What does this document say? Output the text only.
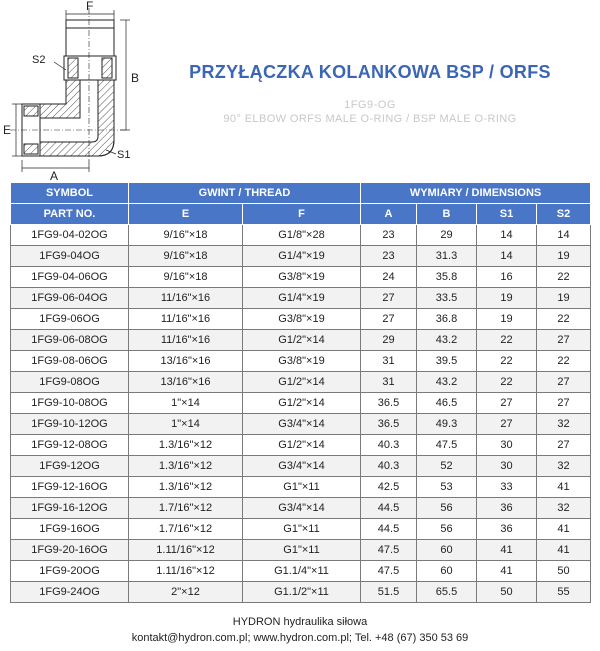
F
B
S2
E
A
S1
PRZYŁĄCZKA KOLANKOWA BSP / ORFS
1FG9-OG
90° ELBOW ORFS MALE O-RING / BSP MALE O-RING
SYMBOL	GWINT / THREAD		WYMIARY / DIMENSIONS			
PART NO.	E	F	A	B	S1	S2
1FG9-04-02OG	9/16"×18	G1/8"×28	23	29	14	14
1FG9-04OG	9/16"×18	G1/4"×19	23	31.3	14	19
1FG9-04-06OG	9/16"×18	G3/8"×19	24	35.8	16	22
1FG9-06-04OG	11/16"×16	G1/4"×19	27	33.5	19	19
1FG9-06OG	11/16"×16	G3/8"×19	27	36.8	19	22
1FG9-06-08OG	11/16"×16	G1/2"×14	29	43.2	22	27
1FG9-08-06OG	13/16"×16	G3/8"×19	31	39.5	22	22
1FG9-08OG	13/16"×16	G1/2"×14	31	43.2	22	27
1FG9-10-08OG	1"×14	G1/2"×14	36.5	46.5	27	27
1FG9-10-12OG	1"×14	G3/4"×14	36.5	49.3	27	32
1FG9-12-08OG	1.3/16"×12	G1/2"×14	40.3	47.5	30	27
1FG9-12OG	1.3/16"×12	G3/4"×14	40.3	52	30	32
1FG9-12-16OG	1.3/16"×12	G1"×11	42.5	53	33	41
1FG9-16-12OG	1.7/16"×12	G3/4"×14	44.5	56	36	32
1FG9-16OG	1.7/16"×12	G1"×11	44.5	56	36	41
1FG9-20-16OG	1.11/16"×12	G1"×11	47.5	60	41	41
1FG9-20OG	1.11/16"×12	G1.1/4"×11	47.5	60	41	50
1FG9-24OG	2"×12	G1.1/2"×11	51.5	65.5	50	55
HYDRON hydraulika siłowa
kontakt@hydron.com.pl; www.hydron.com.pl; Tel. +48 (67) 350 53 69
